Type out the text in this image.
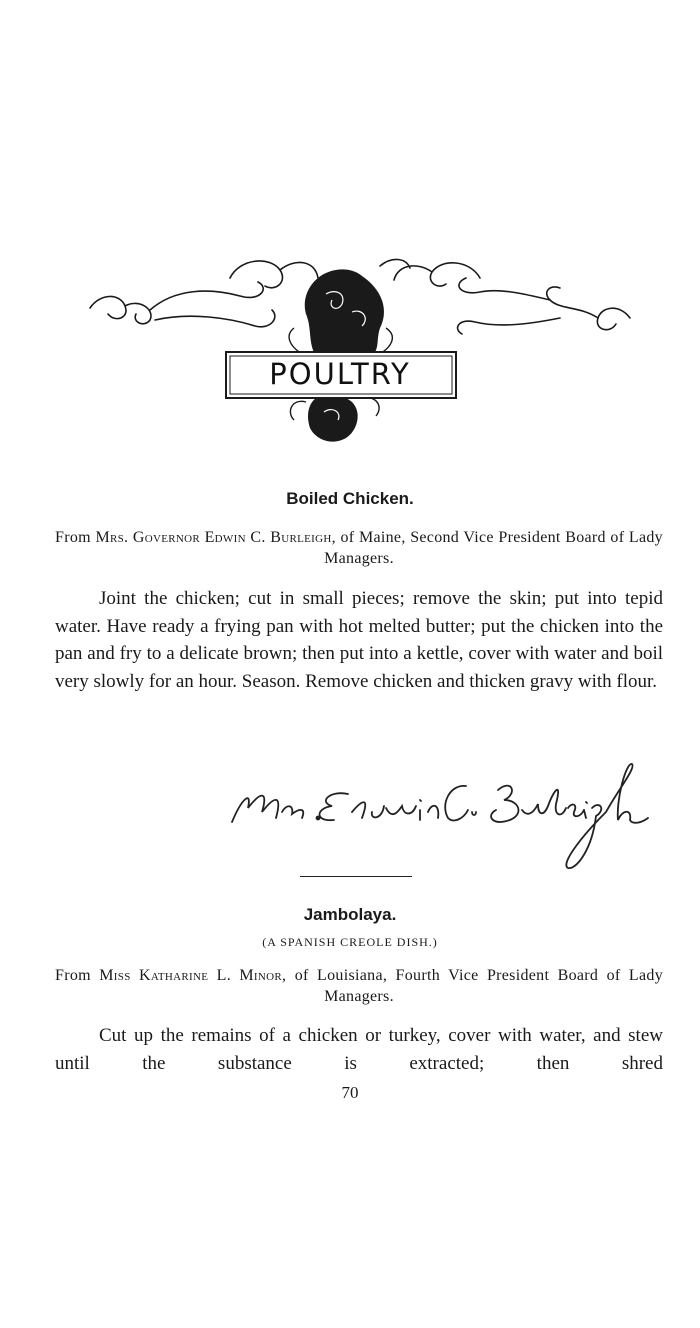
POULTRY
Boiled Chicken.
From Mrs. Governor Edwin C. Burleigh, of Maine, Second Vice President Board of Lady Managers.

Joint the chicken; cut in small pieces; remove the skin; put into tepid water. Have ready a frying pan with hot melted butter; put the chicken into the pan and fry to a delicate brown; then put into a kettle, cover with water and boil very slowly for an hour. Season. Remove chicken and thicken gravy with flour.

Jambolaya.
(A SPANISH CREOLE DISH.)
From Miss Katharine L. Minor, of Louisiana, Fourth Vice President Board of Lady Managers.

Cut up the remains of a chicken or turkey, cover with water, and stew until the substance is extracted; then shred

70
